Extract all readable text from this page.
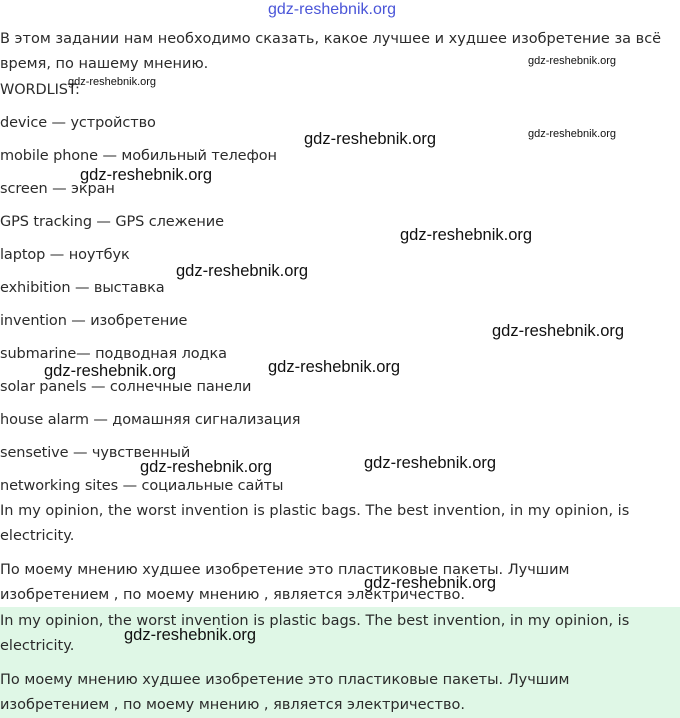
gdz-reshebnik.org
В этом задании нам необходимо сказать, какое лучшее и худшее изобретение за всё время, по нашему мнению.
WORDLIST:
device — устройство
mobile phone — мобильный телефон
screen — экран
GPS tracking — GPS слежение
laptop — ноутбук
exhibition — выставка
invention — изобретение
submarine— подводная лодка
solar panels — солнечные панели
house alarm — домашняя сигнализация
sensetive — чувственный
networking sites — социальные сайты
In my opinion, the worst invention is plastic bags. The best invention, in my opinion, is electricity.
По моему мнению худшее изобретение это пластиковые пакеты. Лучшим изобретением , по моему мнению , является электричество.
In my opinion, the worst invention is plastic bags. The best invention, in my opinion, is electricity.
По моему мнению худшее изобретение это пластиковые пакеты. Лучшим изобретением , по моему мнению , является электричество.
gdz-reshebnik.org
gdz-reshebnik.org
gdz-reshebnik.org
gdz-reshebnik.org
gdz-reshebnik.org
gdz-reshebnik.org
gdz-reshebnik.org
gdz-reshebnik.org
gdz-reshebnik.org
gdz-reshebnik.org
gdz-reshebnik.org	gdz-reshebnik.org
gdz-reshebnik.org
gdz-reshebnik.org
